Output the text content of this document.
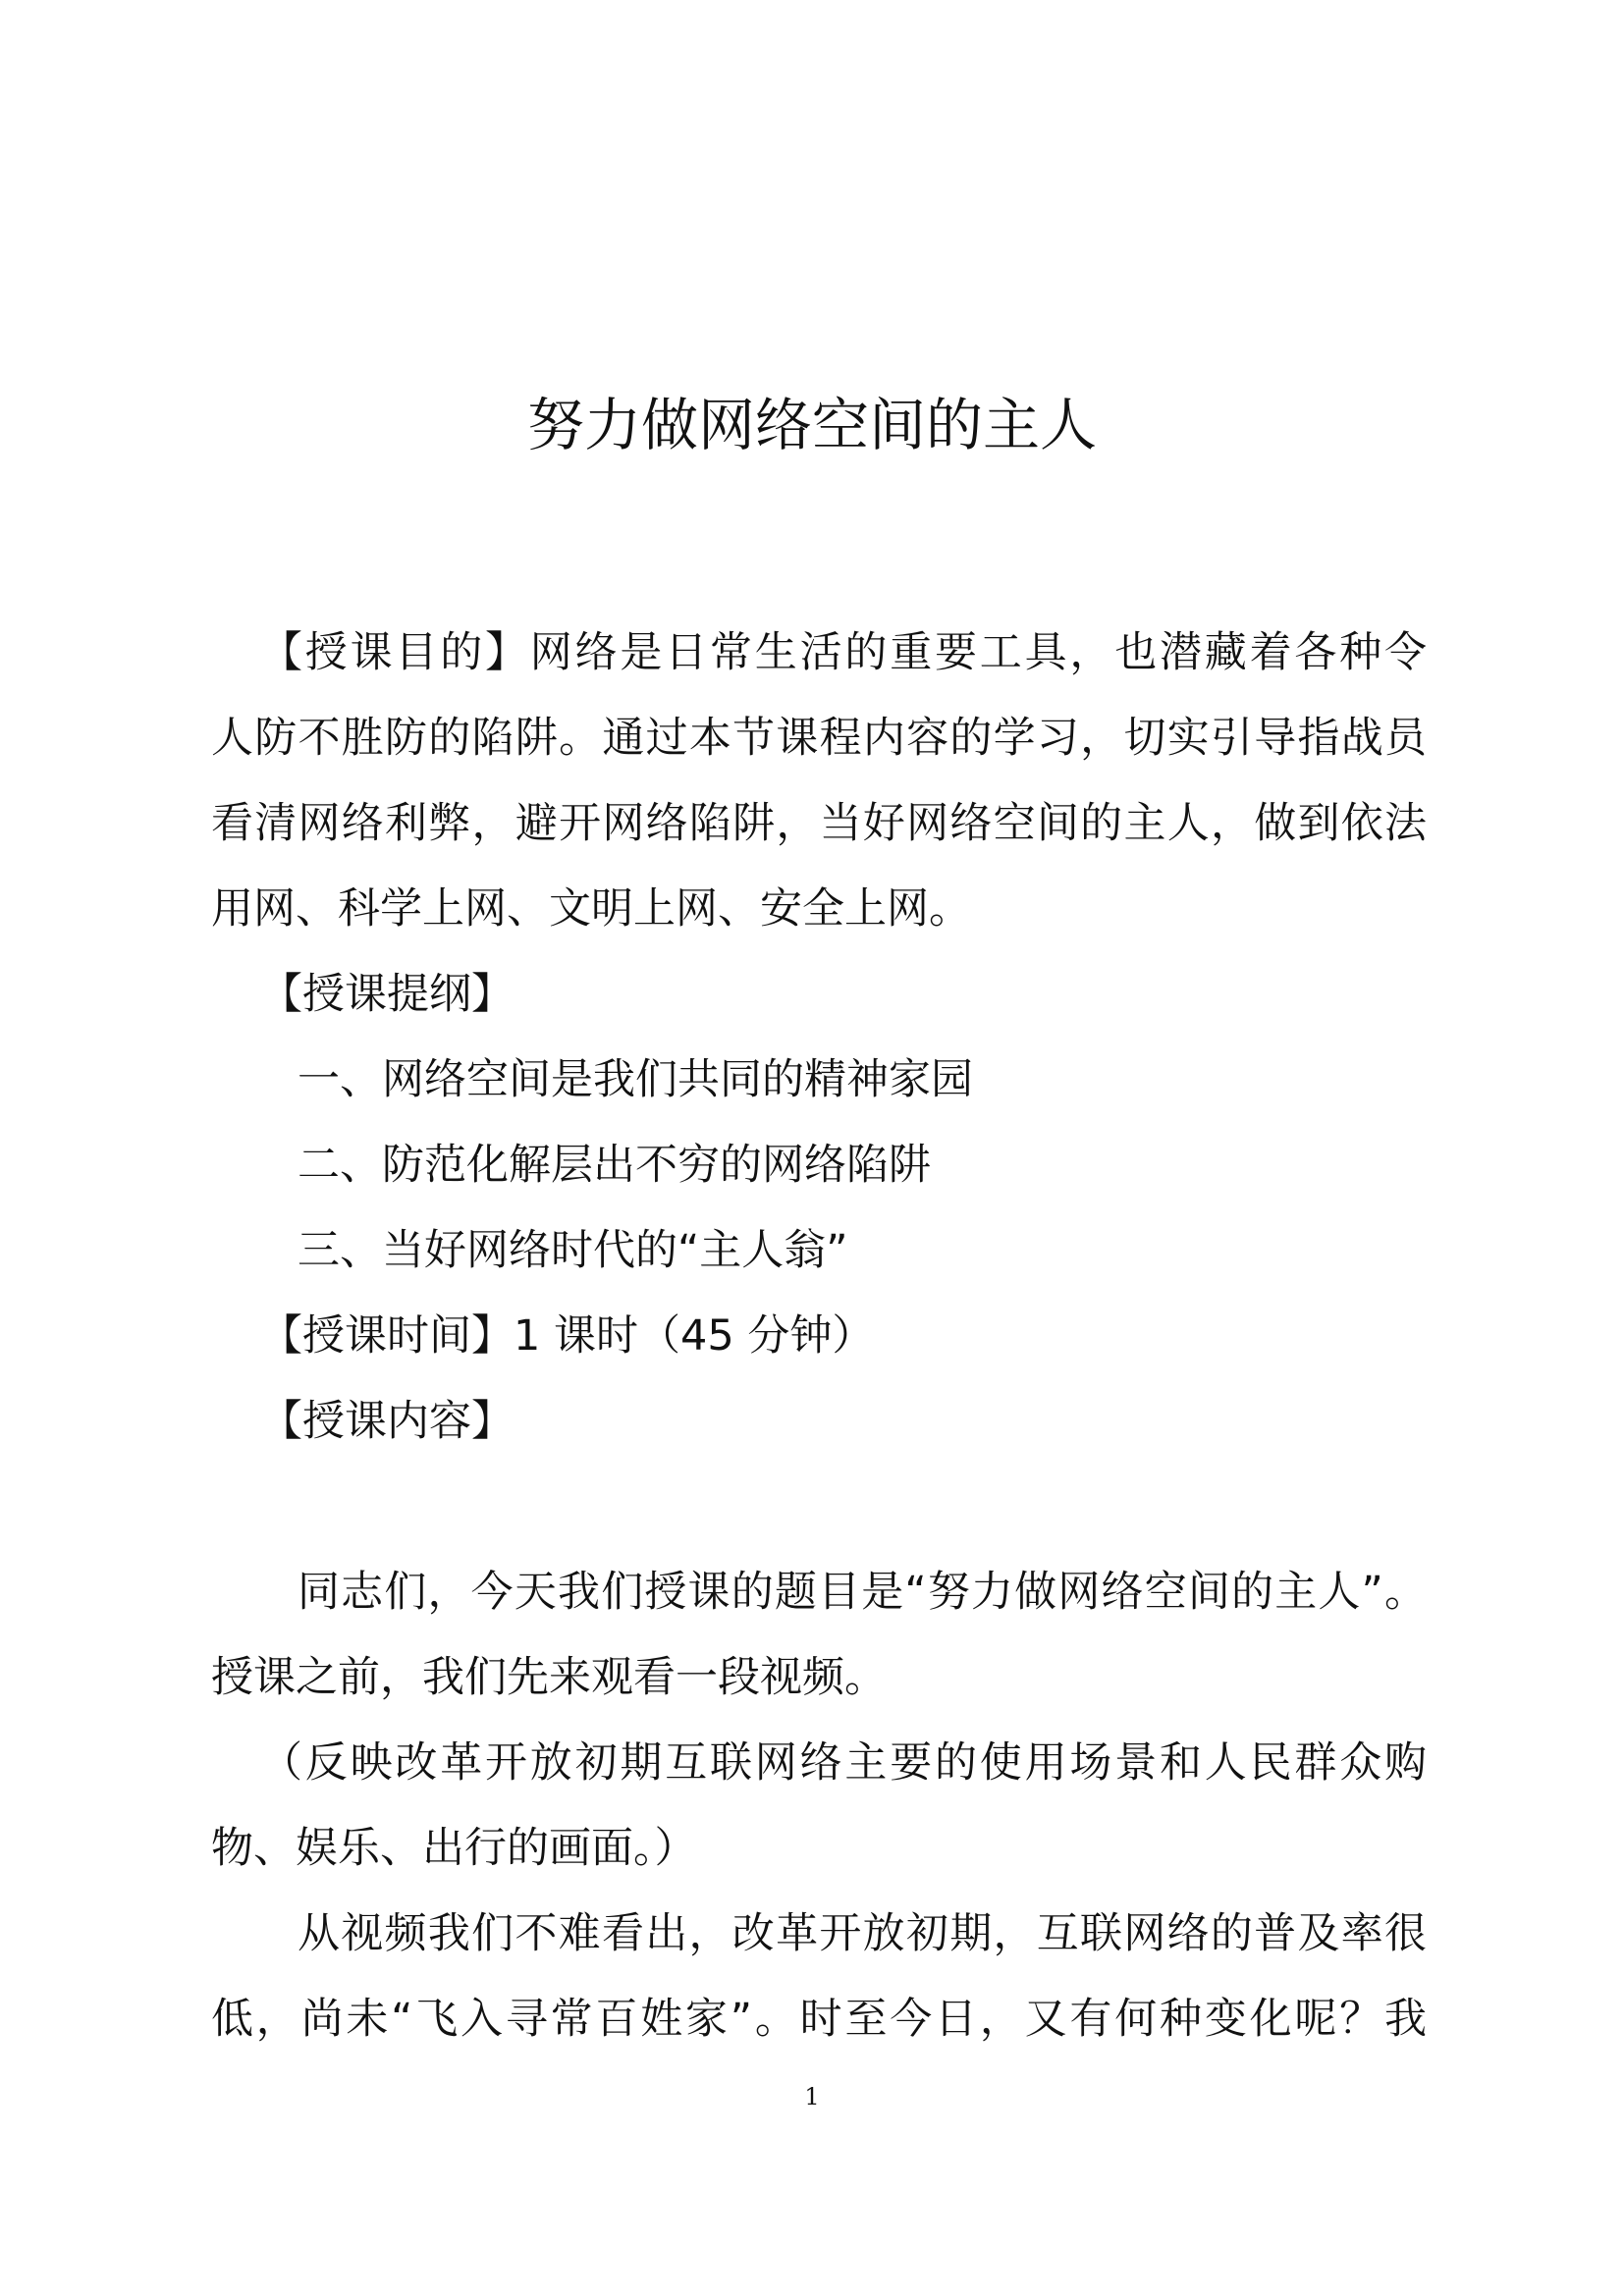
努力做网络空间的主人
【授课目的】网络是日常生活的重要工具，也潜藏着各种令
人防不胜防的陷阱。通过本节课程内容的学习，切实引导指战员
看清网络利弊，避开网络陷阱，当好网络空间的主人，做到依法
用网、科学上网、文明上网、安全上网。
【授课提纲】
一、网络空间是我们共同的精神家园
二、防范化解层出不穷的网络陷阱
三、当好网络时代的“主人翁”
【授课时间】1 课时（45 分钟）
【授课内容】
同志们，今天我们授课的题目是“努力做网络空间的主人”。
授课之前，我们先来观看一段视频。
（反映改革开放初期互联网络主要的使用场景和人民群众购
物、娱乐、出行的画面。）
从视频我们不难看出，改革开放初期，互联网络的普及率很
低，尚未“飞入寻常百姓家”。时至今日，又有何种变化呢？我
1
